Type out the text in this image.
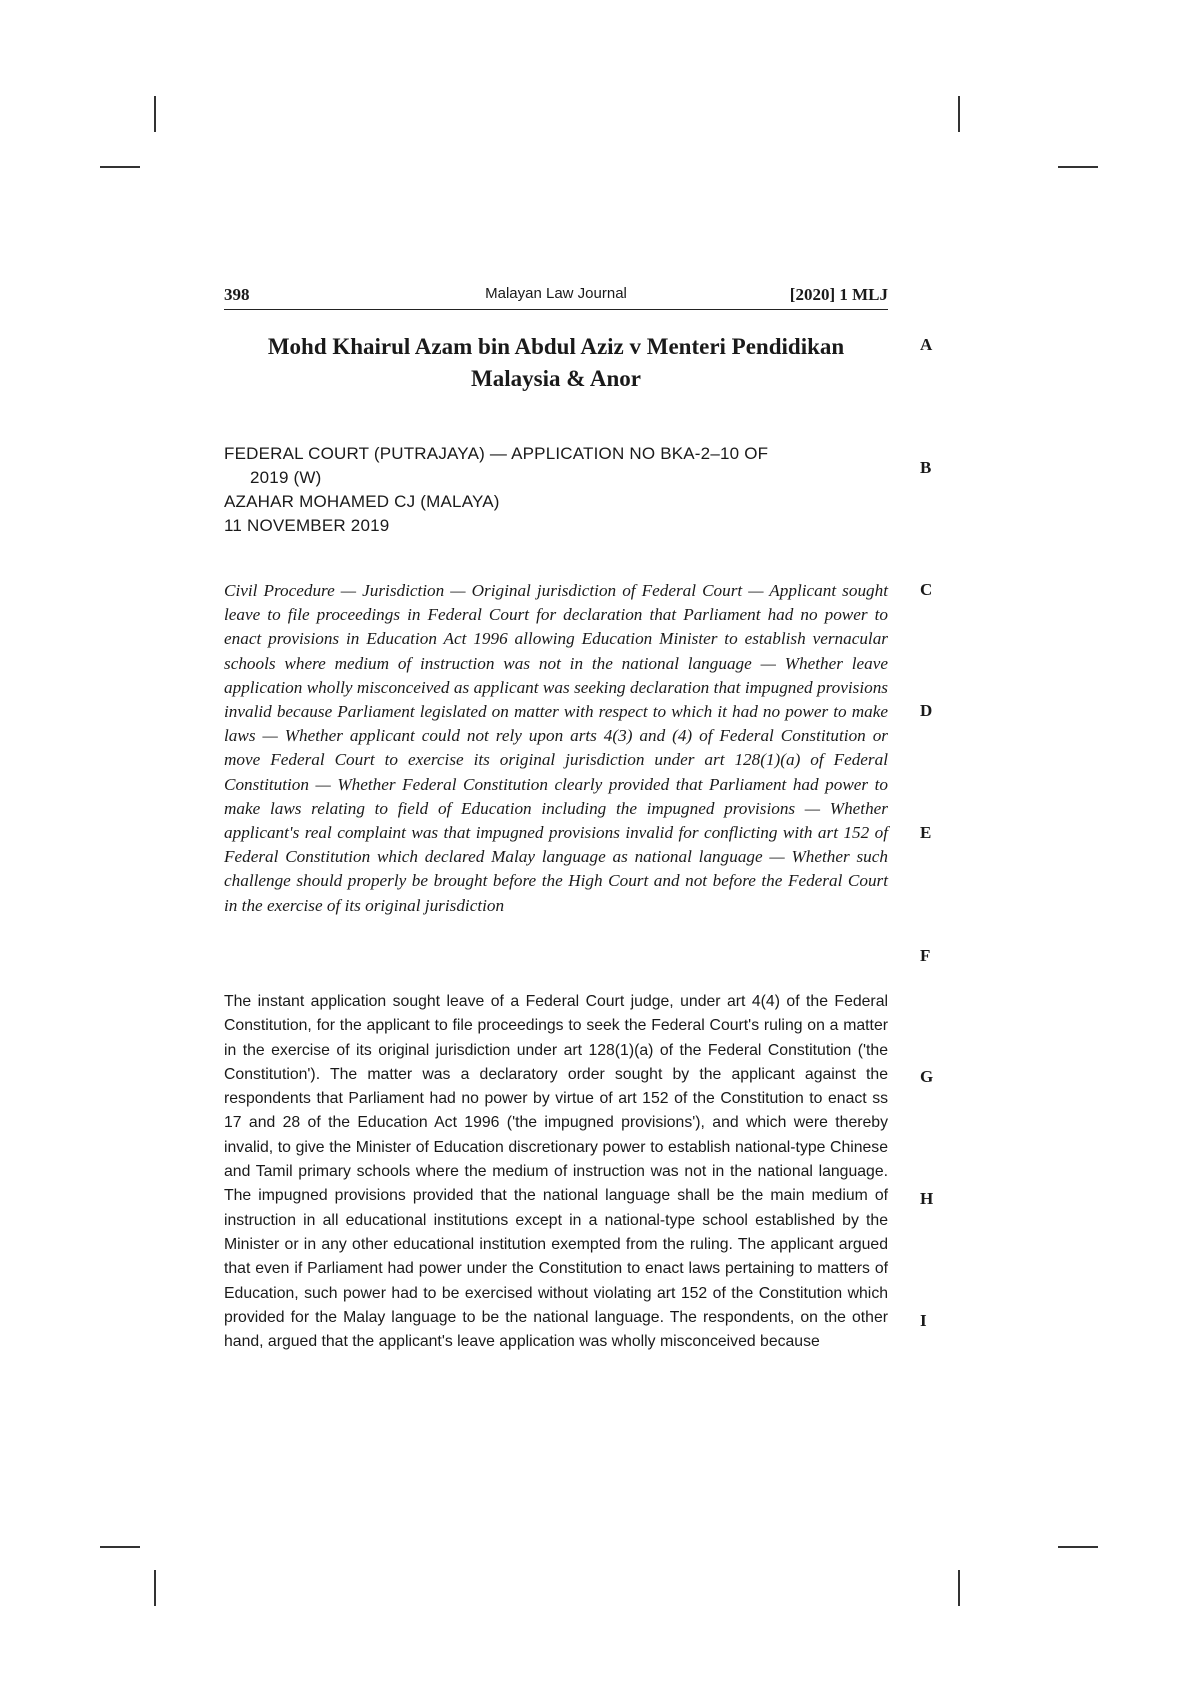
398	Malayan Law Journal	[2020] 1 MLJ
Mohd Khairul Azam bin Abdul Aziz v Menteri Pendidikan
Malaysia & Anor
FEDERAL COURT (PUTRAJAYA) — APPLICATION NO BKA-2–10 OF
2019 (W)
AZAHAR MOHAMED CJ (MALAYA)
11 NOVEMBER 2019
Civil Procedure — Jurisdiction — Original jurisdiction of Federal Court — Applicant sought leave to file proceedings in Federal Court for declaration that Parliament had no power to enact provisions in Education Act 1996 allowing Education Minister to establish vernacular schools where medium of instruction was not in the national language — Whether leave application wholly misconceived as applicant was seeking declaration that impugned provisions invalid because Parliament legislated on matter with respect to which it had no power to make laws — Whether applicant could not rely upon arts 4(3) and (4) of Federal Constitution or move Federal Court to exercise its original jurisdiction under art 128(1)(a) of Federal Constitution — Whether Federal Constitution clearly provided that Parliament had power to make laws relating to field of Education including the impugned provisions — Whether applicant's real complaint was that impugned provisions invalid for conflicting with art 152 of Federal Constitution which declared Malay language as national language — Whether such challenge should properly be brought before the High Court and not before the Federal Court in the exercise of its original jurisdiction
The instant application sought leave of a Federal Court judge, under art 4(4) of the Federal Constitution, for the applicant to file proceedings to seek the Federal Court's ruling on a matter in the exercise of its original jurisdiction under art 128(1)(a) of the Federal Constitution ('the Constitution'). The matter was a declaratory order sought by the applicant against the respondents that Parliament had no power by virtue of art 152 of the Constitution to enact ss 17 and 28 of the Education Act 1996 ('the impugned provisions'), and which were thereby invalid, to give the Minister of Education discretionary power to establish national-type Chinese and Tamil primary schools where the medium of instruction was not in the national language. The impugned provisions provided that the national language shall be the main medium of instruction in all educational institutions except in a national-type school established by the Minister or in any other educational institution exempted from the ruling. The applicant argued that even if Parliament had power under the Constitution to enact laws pertaining to matters of Education, such power had to be exercised without violating art 152 of the Constitution which provided for the Malay language to be the national language. The respondents, on the other hand, argued that the applicant's leave application was wholly misconceived because
A
B
C
D
E
F
G
H
I
